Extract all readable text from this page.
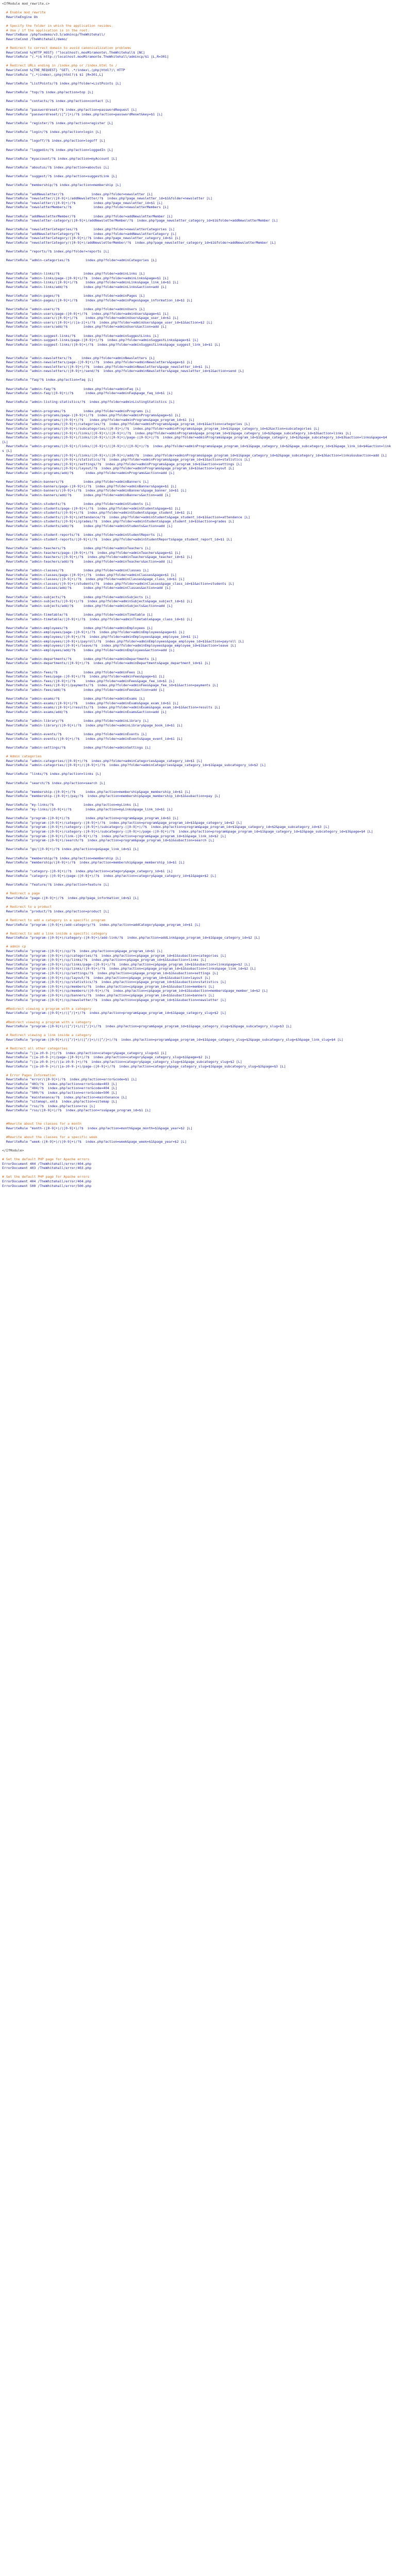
<IfModule mod_rewrite.c>
# Enable mod_rewrite
RewriteEngine On
# Specify the folder in which the application resides.
# Use / if the application is in the root.
RewriteBase /phpfoxdemo/v3.5/admincp/TheWhitehall/
RewriteCond /TheWhitehall/demo/
# Redirect to correct domain to avoid canonicalization problems
RewriteCond %{HTTP_HOST} !^localhost\.mooMiramonte\.TheWhitehall$ [NC]
RewriteRule ^(.*)$ http://localhost.mooMiramonte.TheWhitehall/admincp/$1 [L,R=301]
# Redirect URLs ending in /index.php or /index.html to /
RewriteCond %{THE_REQUEST} ^GET\ .*/index\.(php|html?)\ HTTP
RewriteRule ^(.*)index\.(php|html?)$ $1 [R=301,L]
RewriteRule ^ListPoints/?$ index.php?folder=ListPoints [L]
RewriteRule ^top/?$ index.php?action=top [L]
RewriteRule ^contacts/?$ index.php?action=contact [L]
RewriteRule ^passwordreset/?$ index.php?action=passwordRequest [L]
RewriteRule ^passwordreset/([^/]+)/?$ index.php?action=passwordReset&key=$1 [L]
RewriteRule ^register/?$ index.php?action=register [L]
RewriteRule ^login/?$ index.php?action=login [L]
RewriteRule ^logoff/?$ index.php?action=logoff [L]
RewriteRule ^loggedin/?$ index.php?action=loggedIn [L]
RewriteRule ^myaccount/?$ index.php?action=myAccount [L]
RewriteRule ^aboutus/?$ index.php?action=aboutus [L]
RewriteRule ^suggest/?$ index.php?action=suggestLink [L]
RewriteRule ^membership/?$ index.php?action=membership [L]
RewriteRule ^addNewsletter/?$              index.php?folder=newsletter [L]
RewriteRule ^newsletter/([0-9]+)/addNewsletter/?$  index.php?page_newsletter_id=$1&folder=newsletter [L]
RewriteRule ^newsletter/([0-9]+)/?$         index.php?page_newsletter_id=$1 [L]
RewriteRule ^newsletterMembers/?$           index.php?folder=newsletterMembers [L]
RewriteRule ^addNewsletterMember/?$         index.php?folder=addNewsletterMember [L]
RewriteRule ^newsletter-category/([0-9]+)/addNewsletterMember/?$  index.php?page_newsletter_category_id=$1&folder=addNewsletterMember [L]
RewriteRule ^newsletterCategories/?$        index.php?folder=newsletterCategories [L]
RewriteRule ^addNewsletterCategory/?$       index.php?folder=addNewsletterCategory [L]
RewriteRule ^newsletterCategory/([0-9]+)/?$ index.php?page_newsletter_category_id=$1 [L]
RewriteRule ^newsletterCategory/([0-9]+)/addNewsletterMember/?$  index.php?page_newsletter_category_id=$1&folder=addNewsletterMember [L]
RewriteRule ^reports/?$ index.php?folder=reports [L]
RewriteRule ^admin-categories/?$        index.php?folder=adminCategories [L]
RewriteRule ^admin-links/?$            index.php?folder=adminLinks [L]
RewriteRule ^admin-links/page-([0-9]+)/?$  index.php?folder=adminLinks&page=$1 [L]
RewriteRule ^admin-links/([0-9]+)/?$    index.php?folder=adminLinks&page_link_id=$1 [L]
RewriteRule ^admin-links/add/?$        index.php?folder=adminLinks&action=add [L]
RewriteRule ^admin-pages/?$            index.php?folder=adminPages [L]
RewriteRule ^admin-pages/([0-9]+)/?$    index.php?folder=adminPages&page_information_id=$1 [L]
RewriteRule ^admin-users/?$            index.php?folder=adminUsers [L]
RewriteRule ^admin-users/page-([0-9]+)/?$  index.php?folder=adminUsers&page=$1 [L]
RewriteRule ^admin-users/([0-9]+)/?$    index.php?folder=adminUsers&page_user_id=$1 [L]
RewriteRule ^admin-users/([0-9]+)/([a-z]+)/?$  index.php?folder=adminUsers&page_user_id=$1&action=$2 [L]
RewriteRule ^admin-users/add/?$        index.php?folder=adminUsers&action=add [L]
RewriteRule ^admin-suggest-links/?$    index.php?folder=adminSuggestLinks [L]
RewriteRule ^admin-suggest-links/page-([0-9]+)/?$  index.php?folder=adminSuggestLinks&page=$1 [L]
RewriteRule ^admin-suggest-links/([0-9]+)/?$  index.php?folder=adminSuggestLinks&page_suggest_link_id=$1 [L]
RewriteRule ^admin-newsletters/?$     index.php?folder=adminNewsletters [L]
RewriteRule ^admin-newsletters/page-([0-9]+)/?$  index.php?folder=adminNewsletters&page=$1 [L]
RewriteRule ^admin-newsletters/([0-9]+)/?$  index.php?folder=adminNewsletters&page_newsletter_id=$1 [L]
RewriteRule ^admin-newsletters/([0-9]+)/send/?$  index.php?folder=adminNewsletters&page_newsletter_id=$1&action=send [L]
RewriteRule ^faq/?$ index.php?action=faq [L]
RewriteRule ^admin-faq/?$              index.php?folder=adminFaq [L]
RewriteRule ^admin-faq/([0-9]+)/?$      index.php?folder=adminFaq&page_faq_id=$1 [L]
RewriteRule ^admin-listing-statistics/?$  index.php?folder=adminListingStatistics [L]
RewriteRule ^admin-programs/?$         index.php?folder=adminPrograms [L]
RewriteRule ^admin-programs/page-([0-9]+)/?$  index.php?folder=adminPrograms&page=$1 [L]
RewriteRule ^admin-programs/([0-9]+)/?$   index.php?folder=adminPrograms&page_program_id=$1 [L]
RewriteRule ^admin-programs/([0-9]+)/categories/?$  index.php?folder=adminPrograms&page_program_id=$1&action=categories [L]
RewriteRule ^admin-programs/([0-9]+)/subcategories/([0-9]+)/?$  index.php?folder=adminPrograms&page_program_id=$1&page_category_id=$2&action=subcategories [L]
RewriteRule ^admin-programs/([0-9]+)/links/([0-9]+)/([0-9]+)/?$  index.php?folder=adminPrograms&page_program_id=$1&page_category_id=$2&page_subcategory_id=$3&action=links [L]
RewriteRule ^admin-programs/([0-9]+)/links/([0-9]+)/([0-9]+)/page-([0-9]+)/?$  index.php?folder=adminPrograms&page_program_id=$1&page_category_id=$2&page_subcategory_id=$3&action=links&page=$4 [L]
RewriteRule ^admin-programs/([0-9]+)/links/([0-9]+)/([0-9]+)/([0-9]+)/?$  index.php?folder=adminPrograms&page_program_id=$1&page_category_id=$2&page_subcategory_id=$3&page_link_id=$4&action=links [L]
RewriteRule ^admin-programs/([0-9]+)/links/([0-9]+)/([0-9]+)/add/?$  index.php?folder=adminPrograms&page_program_id=$1&page_category_id=$2&page_subcategory_id=$3&action=links&subaction=add [L]
RewriteRule ^admin-programs/([0-9]+)/statistics/?$  index.php?folder=adminPrograms&page_program_id=$1&action=statistics [L]
RewriteRule ^admin-programs/([0-9]+)/settings/?$  index.php?folder=adminPrograms&page_program_id=$1&action=settings [L]
RewriteRule ^admin-programs/([0-9]+)/layout/?$  index.php?folder=adminPrograms&page_program_id=$1&action=layout [L]
RewriteRule ^admin-programs/add/?$      index.php?folder=adminPrograms&action=add [L]
RewriteRule ^admin-banners/?$          index.php?folder=adminBanners [L]
RewriteRule ^admin-banners/page-([0-9]+)/?$  index.php?folder=adminBanners&page=$1 [L]
RewriteRule ^admin-banners/([0-9]+)/?$  index.php?folder=adminBanners&page_banner_id=$1 [L]
RewriteRule ^admin-banners/add/?$      index.php?folder=adminBanners&action=add [L]
RewriteRule ^admin-students/?$         index.php?folder=adminStudents [L]
RewriteRule ^admin-students/page-([0-9]+)/?$  index.php?folder=adminStudents&page=$1 [L]
RewriteRule ^admin-students/([0-9]+)/?$  index.php?folder=adminStudents&page_student_id=$1 [L]
RewriteRule ^admin-students/([0-9]+)/attendance/?$  index.php?folder=adminStudents&page_student_id=$1&action=attendance [L]
RewriteRule ^admin-students/([0-9]+)/grades/?$  index.php?folder=adminStudents&page_student_id=$1&action=grades [L]
RewriteRule ^admin-students/add/?$     index.php?folder=adminStudents&action=add [L]
RewriteRule ^admin-student-reports/?$  index.php?folder=adminStudentReports [L]
RewriteRule ^admin-student-reports/([0-9]+)/?$  index.php?folder=adminStudentReports&page_student_report_id=$1 [L]
RewriteRule ^admin-teachers/?$         index.php?folder=adminTeachers [L]
RewriteRule ^admin-teachers/page-([0-9]+)/?$  index.php?folder=adminTeachers&page=$1 [L]
RewriteRule ^admin-teachers/([0-9]+)/?$  index.php?folder=adminTeachers&page_teacher_id=$1 [L]
RewriteRule ^admin-teachers/add/?$     index.php?folder=adminTeachers&action=add [L]
RewriteRule ^admin-classes/?$          index.php?folder=adminClasses [L]
RewriteRule ^admin-classes/page-([0-9]+)/?$  index.php?folder=adminClasses&page=$1 [L]
RewriteRule ^admin-classes/([0-9]+)/?$  index.php?folder=adminClasses&page_class_id=$1 [L]
RewriteRule ^admin-classes/([0-9]+)/students/?$  index.php?folder=adminClasses&page_class_id=$1&action=students [L]
RewriteRule ^admin-classes/add/?$      index.php?folder=adminClasses&action=add [L]
RewriteRule ^admin-subjects/?$         index.php?folder=adminSubjects [L]
RewriteRule ^admin-subjects/([0-9]+)/?$  index.php?folder=adminSubjects&page_subject_id=$1 [L]
RewriteRule ^admin-subjects/add/?$     index.php?folder=adminSubjects&action=add [L]
RewriteRule ^admin-timetable/?$        index.php?folder=adminTimetable [L]
RewriteRule ^admin-timetable/([0-9]+)/?$  index.php?folder=adminTimetable&page_class_id=$1 [L]
RewriteRule ^admin-employees/?$        index.php?folder=adminEmployees [L]
RewriteRule ^admin-employees/page-([0-9]+)/?$  index.php?folder=adminEmployees&page=$1 [L]
RewriteRule ^admin-employees/([0-9]+)/?$  index.php?folder=adminEmployees&page_employee_id=$1 [L]
RewriteRule ^admin-employees/([0-9]+)/payroll/?$  index.php?folder=adminEmployees&page_employee_id=$1&action=payroll [L]
RewriteRule ^admin-employees/([0-9]+)/leave/?$  index.php?folder=adminEmployees&page_employee_id=$1&action=leave [L]
RewriteRule ^admin-employees/add/?$    index.php?folder=adminEmployees&action=add [L]
RewriteRule ^admin-departments/?$      index.php?folder=adminDepartments [L]
RewriteRule ^admin-departments/([0-9]+)/?$  index.php?folder=adminDepartments&page_department_id=$1 [L]
RewriteRule ^admin-fees/?$             index.php?folder=adminFees [L]
RewriteRule ^admin-fees/page-([0-9]+)/?$  index.php?folder=adminFees&page=$1 [L]
RewriteRule ^admin-fees/([0-9]+)/?$     index.php?folder=adminFees&page_fee_id=$1 [L]
RewriteRule ^admin-fees/([0-9]+)/payments/?$  index.php?folder=adminFees&page_fee_id=$1&action=payments [L]
RewriteRule ^admin-fees/add/?$         index.php?folder=adminFees&action=add [L]
RewriteRule ^admin-exams/?$            index.php?folder=adminExams [L]
RewriteRule ^admin-exams/([0-9]+)/?$    index.php?folder=adminExams&page_exam_id=$1 [L]
RewriteRule ^admin-exams/([0-9]+)/results/?$  index.php?folder=adminExams&page_exam_id=$1&action=results [L]
RewriteRule ^admin-exams/add/?$        index.php?folder=adminExams&action=add [L]
RewriteRule ^admin-library/?$          index.php?folder=adminLibrary [L]
RewriteRule ^admin-library/([0-9]+)/?$  index.php?folder=adminLibrary&page_book_id=$1 [L]
RewriteRule ^admin-events/?$           index.php?folder=adminEvents [L]
RewriteRule ^admin-events/([0-9]+)/?$   index.php?folder=adminEvents&page_event_id=$1 [L]
RewriteRule ^admin-settings/?$         index.php?folder=adminSettings [L]
# Admin categories
RewriteRule ^admin-categories/([0-9]+)/?$  index.php?folder=adminCategories&page_category_id=$1 [L]
RewriteRule ^admin-categories/([0-9]+)/([0-9]+)/?$  index.php?folder=adminCategories&page_category_id=$1&page_subcategory_id=$2 [L]
RewriteRule ^links/?$ index.php?action=links [L]
RewriteRule ^search/?$ index.php?action=search [L]
RewriteRule ^membership-([0-9]+)/?$     index.php?action=membership&page_membership_id=$1 [L]
RewriteRule ^membership-([0-9]+)/pay/?$  index.php?action=membership&page_membership_id=$1&subaction=pay [L]
RewriteRule ^my-links/?$               index.php?action=myLinks [L]
RewriteRule ^my-links/([0-9]+)/?$       index.php?action=myLinks&page_link_id=$1 [L]
RewriteRule ^program-([0-9]+)/?$        index.php?action=program&page_program_id=$1 [L]
RewriteRule ^program-([0-9]+)/category-([0-9]+)/?$  index.php?action=program&page_program_id=$1&page_category_id=$2 [L]
RewriteRule ^program-([0-9]+)/category-([0-9]+)/subcategory-([0-9]+)/?$  index.php?action=program&page_program_id=$1&page_category_id=$2&page_subcategory_id=$3 [L]
RewriteRule ^program-([0-9]+)/category-([0-9]+)/subcategory-([0-9]+)/page-([0-9]+)/?$  index.php?action=program&page_program_id=$1&page_category_id=$2&page_subcategory_id=$3&page=$4 [L]
RewriteRule ^program-([0-9]+)/link-([0-9]+)/?$  index.php?action=program&page_program_id=$1&page_link_id=$2 [L]
RewriteRule ^program-([0-9]+)/search/?$  index.php?action=program&page_program_id=$1&subaction=search [L]
RewriteRule ^go/([0-9]+)/?$ index.php?action=go&page_link_id=$1 [L]
RewriteRule ^membership/?$ index.php?action=membership [L]
RewriteRule ^membership/([0-9]+)/?$  index.php?action=membership&page_membership_id=$1 [L]
RewriteRule ^category-([0-9]+)/?$  index.php?action=category&page_category_id=$1 [L]
RewriteRule ^category-([0-9]+)/page-([0-9]+)/?$  index.php?action=category&page_category_id=$1&page=$2 [L]
RewriteRule ^feature/?$ index.php?action=feature [L]
# Redirect a page
RewriteRule ^page-([0-9]+)/?$  index.php?page_information_id=$1 [L]
# Redirect to a product
RewriteRule ^product/?$ index.php?action=product [L]
# Redirect to add a category in a specific program
RewriteRule ^program-([0-9]+)/add-category/?$  index.php?action=addCategory&page_program_id=$1 [L]
# Redirect to add a link inside a specific category
RewriteRule ^program-([0-9]+)/category-([0-9]+)/add-link/?$  index.php?action=addLink&page_program_id=$1&page_category_id=$2 [L]
# admin cp
RewriteRule ^program-([0-9]+)/cp/?$  index.php?action=cp&page_program_id=$1 [L]
RewriteRule ^program-([0-9]+)/cp/categories/?$  index.php?action=cp&page_program_id=$1&subaction=categories [L]
RewriteRule ^program-([0-9]+)/cp/links/?$  index.php?action=cp&page_program_id=$1&subaction=links [L]
RewriteRule ^program-([0-9]+)/cp/links/page-([0-9]+)/?$  index.php?action=cp&page_program_id=$1&subaction=links&page=$2 [L]
RewriteRule ^program-([0-9]+)/cp/links/([0-9]+)/?$  index.php?action=cp&page_program_id=$1&subaction=links&page_link_id=$2 [L]
RewriteRule ^program-([0-9]+)/cp/settings/?$  index.php?action=cp&page_program_id=$1&subaction=settings [L]
RewriteRule ^program-([0-9]+)/cp/layout/?$  index.php?action=cp&page_program_id=$1&subaction=layout [L]
RewriteRule ^program-([0-9]+)/cp/statistics/?$  index.php?action=cp&page_program_id=$1&subaction=statistics [L]
RewriteRule ^program-([0-9]+)/cp/members/?$  index.php?action=cp&page_program_id=$1&subaction=members [L]
RewriteRule ^program-([0-9]+)/cp/members/([0-9]+)/?$  index.php?action=cp&page_program_id=$1&subaction=members&page_member_id=$2 [L]
RewriteRule ^program-([0-9]+)/cp/banners/?$  index.php?action=cp&page_program_id=$1&subaction=banners [L]
RewriteRule ^program-([0-9]+)/cp/newsletter/?$  index.php?action=cp&page_program_id=$1&subaction=newsletter [L]
#Redirect viewing a program with a category
RewriteRule ^program-([0-9]+)/([^/]+)/?$  index.php?action=program&page_program_id=$1&page_category_slug=$2 [L]
#Redirect viewing a program with a category
RewriteRule ^program-([0-9]+)/([^/]+)/([^/]+)/?$  index.php?action=program&page_program_id=$1&page_category_slug=$2&page_subcategory_slug=$3 [L]
# Redirect viewing a link inside a category
RewriteRule ^program-([0-9]+)/([^/]+)/([^/]+)/([^/]+)/?$  index.php?action=program&page_program_id=$1&page_category_slug=$2&page_subcategory_slug=$3&page_link_slug=$4 [L]
# Redirect all other categories
RewriteRule ^([a-z0-9-]+)/?$  index.php?action=category&page_category_slug=$1 [L]
RewriteRule ^([a-z0-9-]+)/page-([0-9]+)/?$  index.php?action=category&page_category_slug=$1&page=$2 [L]
RewriteRule ^([a-z0-9-]+)/([a-z0-9-]+)/?$  index.php?action=category&page_category_slug=$1&page_subcategory_slug=$2 [L]
RewriteRule ^([a-z0-9-]+)/([a-z0-9-]+)/page-([0-9]+)/?$  index.php?action=category&page_category_slug=$1&page_subcategory_slug=$2&page=$3 [L]
# Error Pages Information
RewriteRule ^error/([0-9]+)/?$  index.php?action=error&code=$1 [L]
RewriteRule ^403/?$  index.php?action=error&code=403 [L]
RewriteRule ^404/?$  index.php?action=error&code=404 [L]
RewriteRule ^500/?$  index.php?action=error&code=500 [L]
RewriteRule ^maintenance/?$  index.php?action=maintenance [L]
RewriteRule ^sitemap\.xml$  index.php?action=sitemap [L]
RewriteRule ^rss/?$  index.php?action=rss [L]
RewriteRule ^rss/([0-9]+)/?$  index.php?action=rss&page_program_id=$1 [L]
#Rewrite about the classes for a month
RewriteRule ^month-([0-9]+)/([0-9]+)/?$  index.php?action=month&page_month=$1&page_year=$2 [L]
#Rewrite about the classes for a specific week
RewriteRule ^week-([0-9]+)/([0-9]+)/?$  index.php?action=week&page_week=$1&page_year=$2 [L]
</IfModule>
# Set the default PHP page for Apache errors
ErrorDocument 404 /TheWhitehall/error/404.php
ErrorDocument 403 /TheWhitehall/error/403.php
# Set the default PHP page for Apache errors
ErrorDocument 404 /TheWhitehall/error/404.php
ErrorDocument 500 /TheWhitehall/error/500.php
